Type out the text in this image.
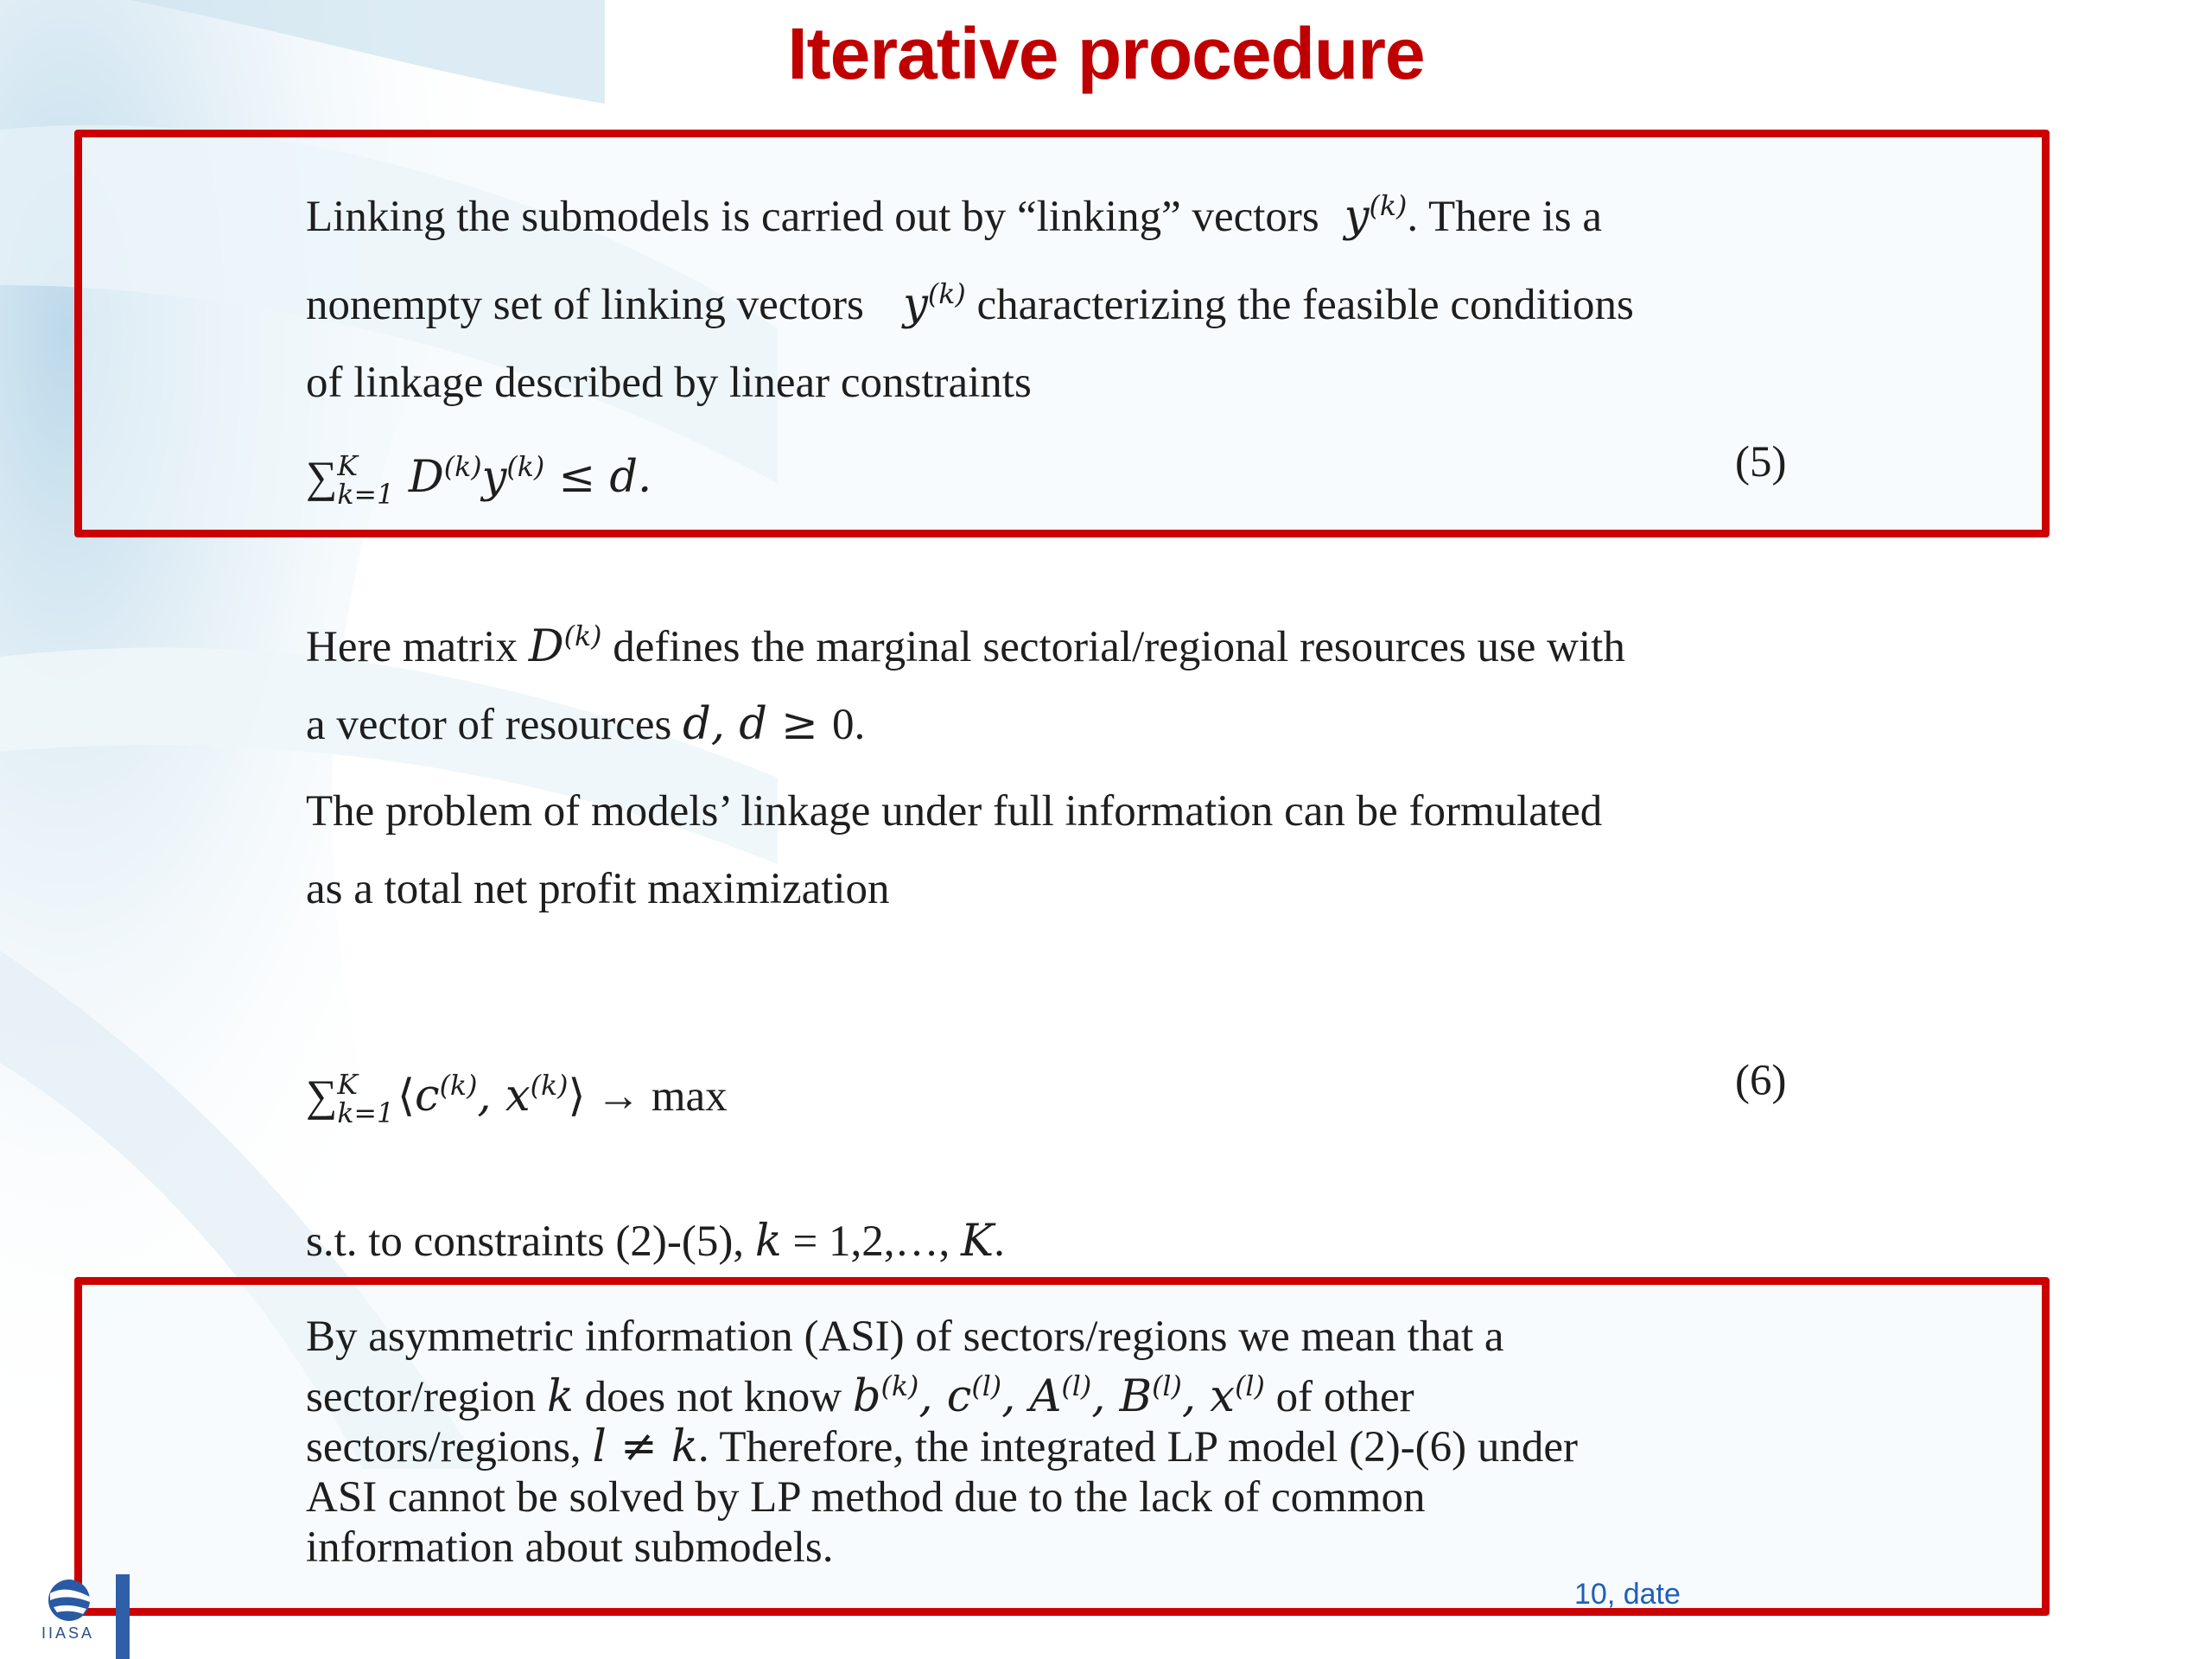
Iterative procedure
Linking the submodels is carried out by “linking” vectors  $y^{(k)}$. There is a
nonempty set of linking vectors   $y^{(k)}$ characterizing the feasible conditions
of linkage described by linear constraints
∑K
k=1 $D^{(k)}y^{(k)} \le d$.	(5)
Here matrix $D^{(k)}$ defines the marginal sectorial/regional resources use with
a vector of resources d, d ≥ 0.
The problem of models’ linkage under full information can be formulated
as a total net profit maximization
∑K
$k=1⟨c^{(k)}$, $x^{(k)}⟩ \to \max$	(6)
s.t. to constraints (2)-(5), k = 1,2,…, K.
By asymmetric information (ASI) of sectors/regions we mean that a
sector/region k does not know $b^{(k)}$, $c^{(l)}$, $A^{(l)}$, $B^{(l)}$, $x^{(l)}$ of other
sectors/regions, l ≠ k. Therefore, the integrated LP model (2)-(6) under
ASI cannot be solved by LP method due to the lack of common
information about submodels.
10, date
IIASA
